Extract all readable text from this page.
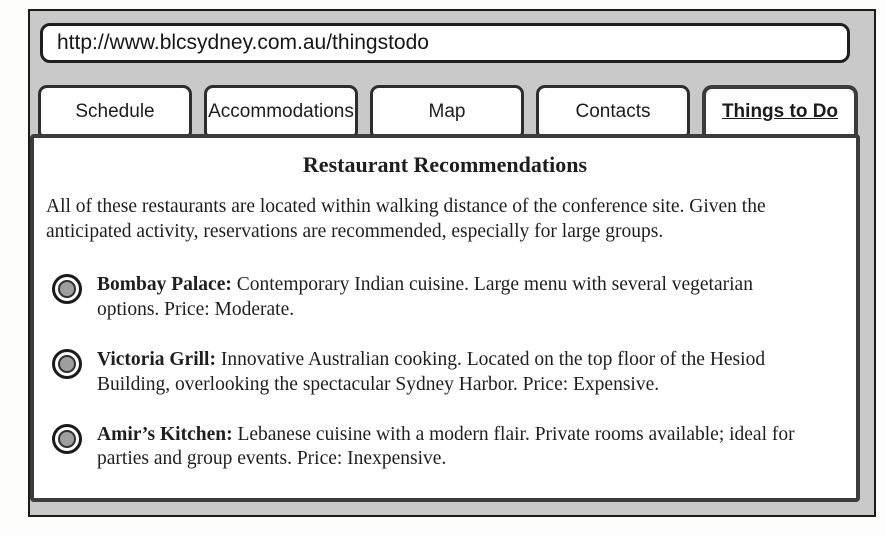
http://www.blcsydney.com.au/thingstodo
Schedule	Accommodations	Map	Contacts	Things to Do
Restaurant Recommendations

All of these restaurants are located within walking distance of the conference site. Given the anticipated activity, reservations are recommended, especially for large groups.

Bombay Palace: Contemporary Indian cuisine. Large menu with several vegetarian options. Price: Moderate.

Victoria Grill: Innovative Australian cooking. Located on the top floor of the Hesiod Building, overlooking the spectacular Sydney Harbor. Price: Expensive.

Amir’s Kitchen: Lebanese cuisine with a modern flair. Private rooms available; ideal for parties and group events. Price: Inexpensive.
